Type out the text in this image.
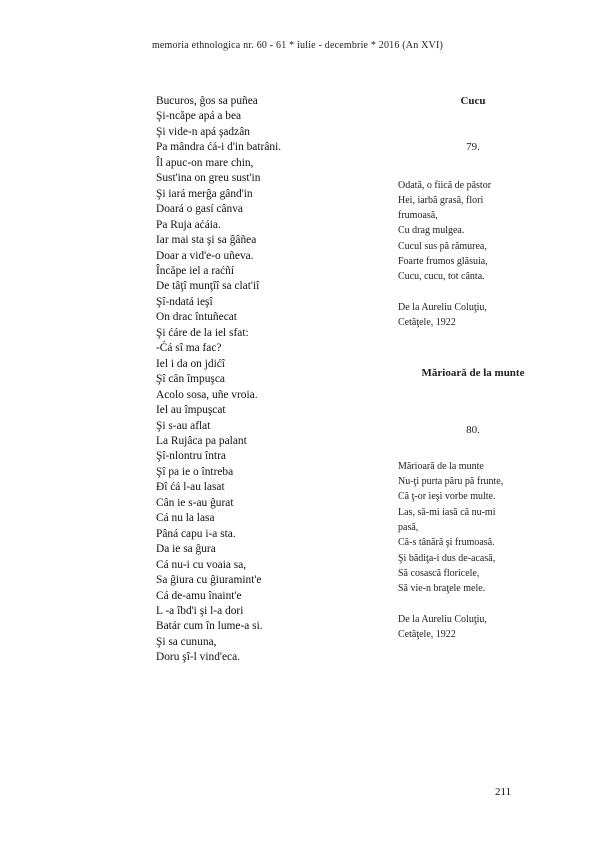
memoria ethnologica nr. 60 - 61 * iulie - decembrie * 2016 (An XVI)
Bucuros, ĝos sa puñea
Şi-ncăpe apá a bea
Şi vide-n apá şadzân
Pa mândra ćá-i d'in batrâni.
Îl apuc-on mare chin,
Sust'ina on greu sust'in
Şi iará merĝa gând'in
Doará o gasí cânva
Pa Ruja aćáia.
Iar mai sta şi sa ĝâñea
Doar a vid'e-o uñeva.
Încăpe iel a raćñí
De tâţî munţîî sa clat'iî
Şî-ndatá ieşî
On drac întuñecat
Şi ćáre de la iel sfat:
-Ćá sî ma fac?
Iel i da on jdićî
Şî cân împuşca
Acolo sosa, uñe vroia.
Iel au împuşcat
Şi s-au aflat
La Rujâca pa palant
Şî-nlontru întra
Şî pa ie o întreba
Đî ćá l-au lasat
Cân ie s-au ĝurat
Cá nu la lasa
Pâná capu i-a sta.
Da ie sa ĝura
Cá nu-i cu voaia sa,
Sa ĝiura cu ĝiuramint'e
Cá de-amu înaint'e
L -a îbd'i şi l-a dori
Batár cum în lume-a si.
Şi sa cununa,
Doru şî-l vind'eca.
Cucu
79.
Odată, o fiică de păstor
Hei, iarbă grasă, flori
frumoasă,
Cu drag mulgea.
Cucul sus pă rămurea,
Foarte frumos glăsuia,
Cucu, cucu, tot cânta.
De la Aureliu Coluţiu,
Cetăţele, 1922
Mărioară de la munte
80.
Mărioară de la munte
Nu-ţi purta păru pă frunte,
Că ţ-or ieşi vorbe multe.
Las, să-mi iasă că nu-mi
pasă,
Că-s tânără şi frumoasă.
Şi bădiţa-i dus de-acasă,
Să cosască floricele,
Să vie-n braţele mele.
De la Aureliu Coluţiu,
Cetăţele, 1922
211
